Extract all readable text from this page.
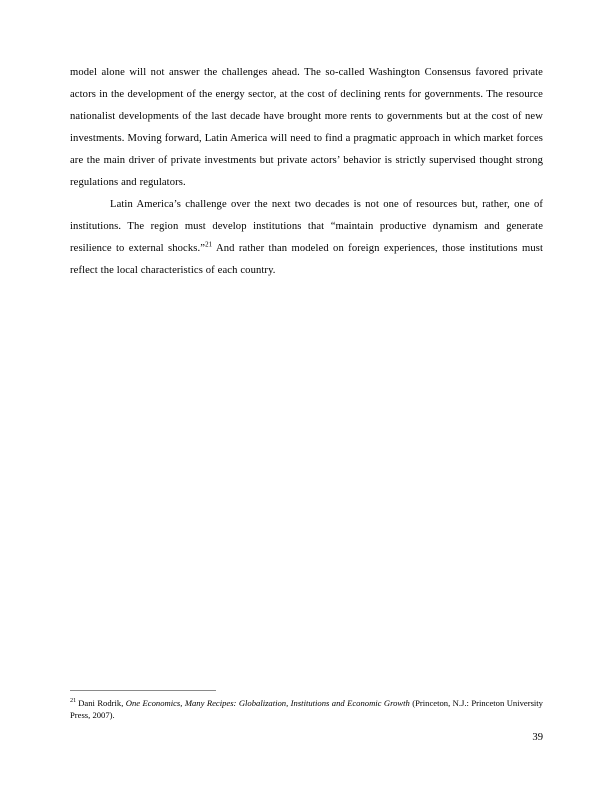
model alone will not answer the challenges ahead. The so-called Washington Consensus favored private actors in the development of the energy sector, at the cost of declining rents for governments. The resource nationalist developments of the last decade have brought more rents to governments but at the cost of new investments. Moving forward, Latin America will need to find a pragmatic approach in which market forces are the main driver of private investments but private actors’ behavior is strictly supervised thought strong regulations and regulators.

Latin America’s challenge over the next two decades is not one of resources but, rather, one of institutions. The region must develop institutions that “maintain productive dynamism and generate resilience to external shocks.”$^{21}$ And rather than modeled on foreign experiences, those institutions must reflect the local characteristics of each country.

$^{21}$ Dani Rodrik, One Economics, Many Recipes: Globalization, Institutions and Economic Growth (Princeton, N.J.: Princeton University Press, 2007).

39
